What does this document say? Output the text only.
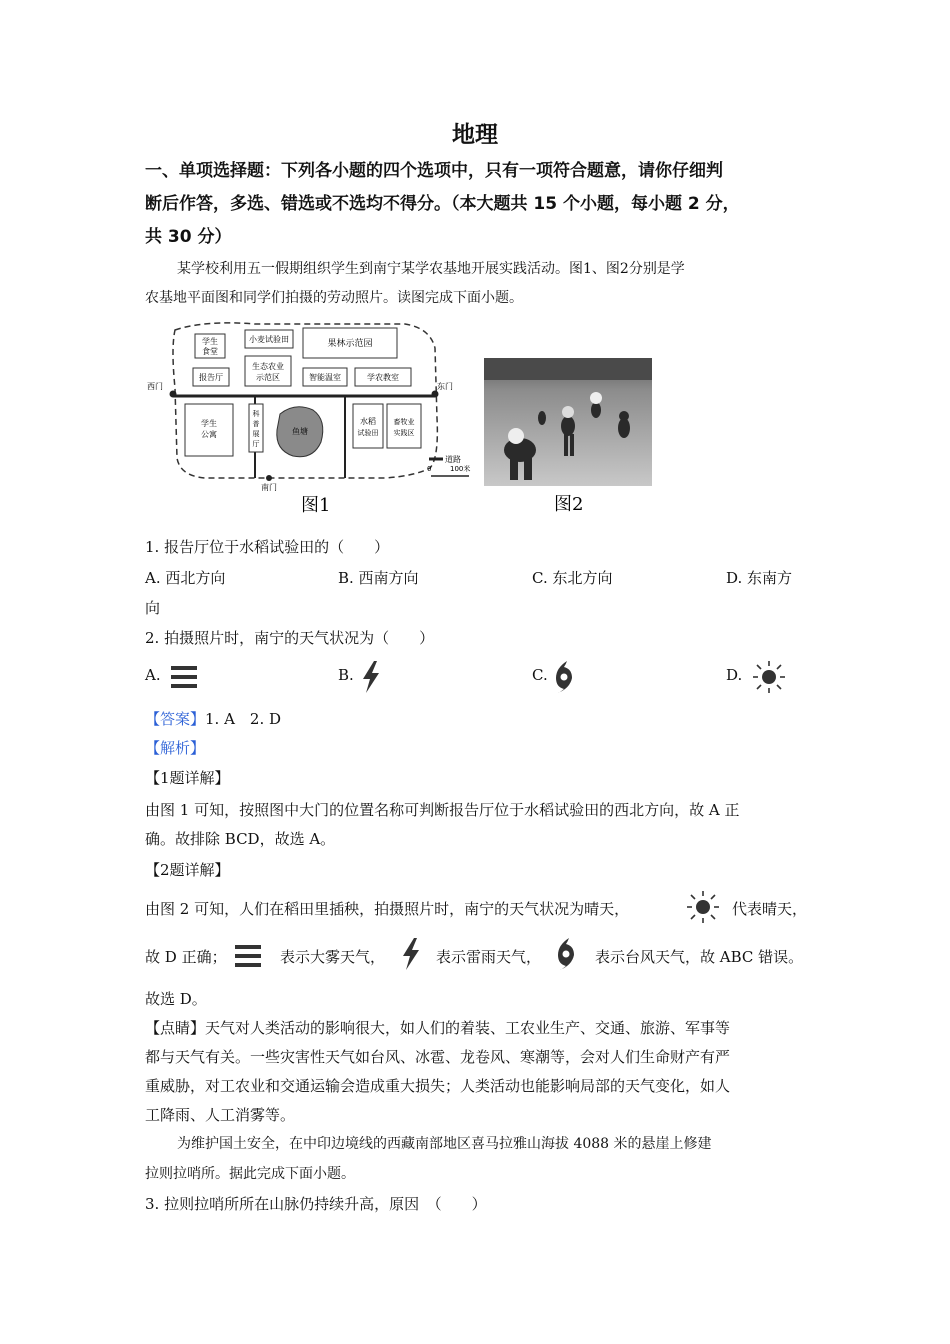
地理
一、单项选择题：下列各小题的四个选项中，只有一项符合题意，请你仔细判
断后作答，多选、错选或不选均不得分。（本大题共 15 个小题，每小题 2 分，
共 30 分）
某学校利用五一假期组织学生到南宁某学农基地开展实践活动。图1、图2分别是学
农基地平面图和同学们拍摄的劳动照片。读图完成下面小题。
学生
食堂
小麦试验田	果林示范园
生态农业
示范区
报告厅	智能温室	学农教室
西门	东门
学生
公寓
科
普
展
厅
鱼塘
水稻
试验田
畜牧业
实践区
南门
道路
0	100米
图1	图2
1. 报告厅位于水稻试验田的（　　）
A. 西北方向	B. 西南方向	C. 东北方向	D. 东南方
向
2. 拍摄照片时，南宁的天气状况为（　　）
A.	B.	C.	D.
【答案】1. A　2. D
【解析】
【1题详解】
由图 1 可知，按照图中大门的位置名称可判断报告厅位于水稻试验田的西北方向，故 A 正
确。故排除 BCD，故选 A。
【2题详解】
由图 2 可知，人们在稻田里插秧，拍摄照片时，南宁的天气状况为晴天，	代表晴天，
故 D 正确；	表示大雾天气，	表示雷雨天气，	表示台风天气，故 ABC 错误。
故选 D。
【点睛】天气对人类活动的影响很大，如人们的着装、工农业生产、交通、旅游、军事等
都与天气有关。一些灾害性天气如台风、冰雹、龙卷风、寒潮等，会对人们生命财产有严
重威胁，对工农业和交通运输会造成重大损失；人类活动也能影响局部的天气变化，如人
工降雨、人工消雾等。
为维护国土安全，在中印边境线的西藏南部地区喜马拉雅山海拔 4088 米的悬崖上修建
拉则拉哨所。据此完成下面小题。
3. 拉则拉哨所所在山脉仍持续升高，原因　（　　）
